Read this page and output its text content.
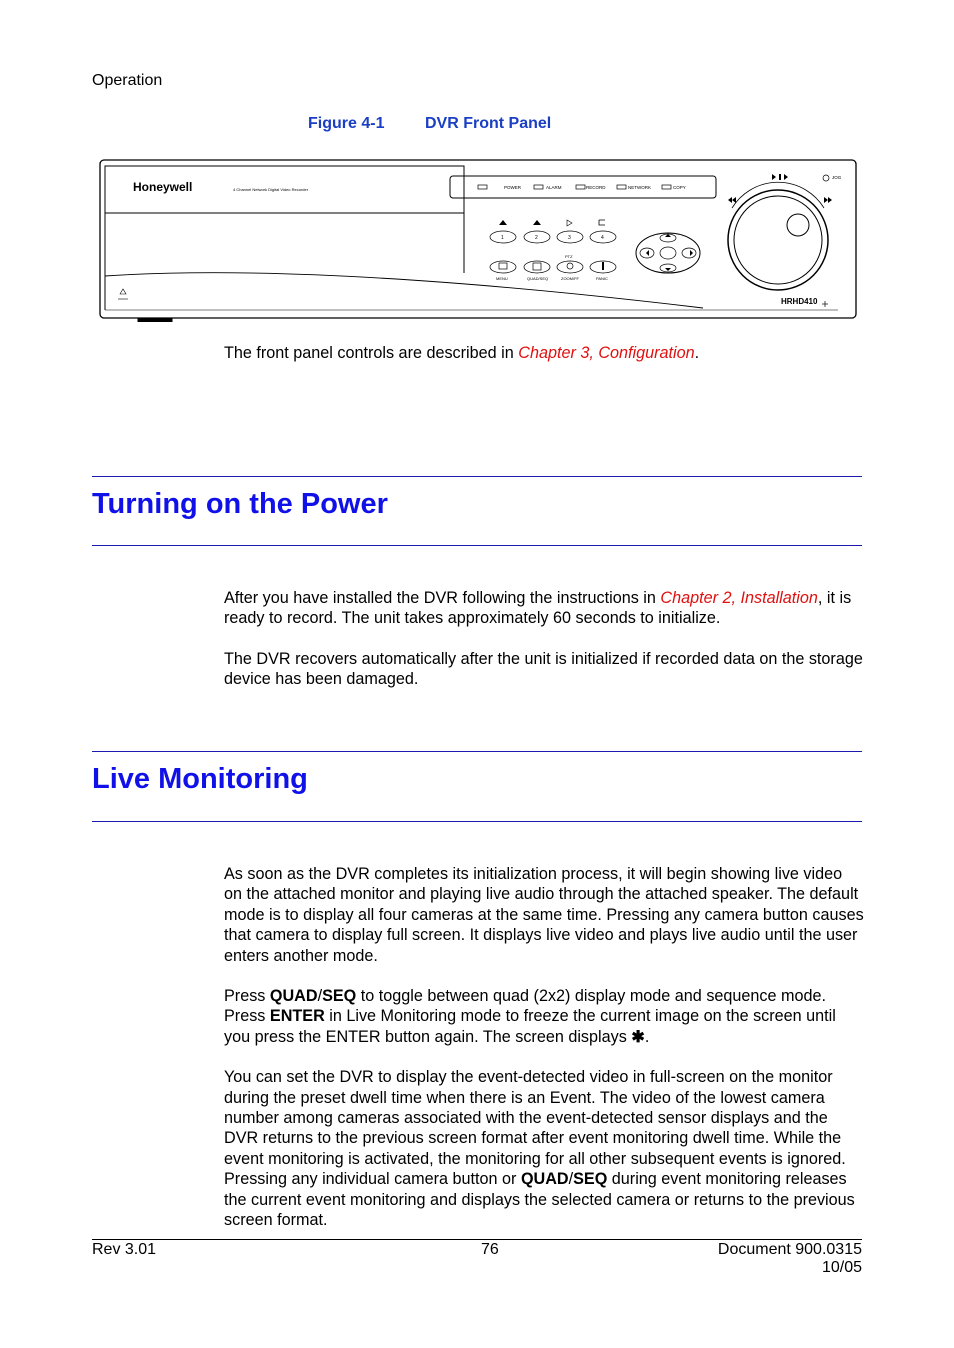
Operation
Figure 4-1	DVR Front Panel
Honeywell	4 Channel Network Digital Video Recorder	POWER	ALARM	RECORD	NETWORK	COPY
1	2	3	4
MENU	QUAD/SEQ	ZOOM/FF	PANIC
PTZ
JOG
HRHD410
The front panel controls are described in Chapter 3, Configuration.
Turning on the Power

After you have installed the DVR following the instructions in Chapter 2, Installation, it is ready to record. The unit takes approximately 60 seconds to initialize.

The DVR recovers automatically after the unit is initialized if recorded data on the storage device has been damaged.

Live Monitoring

As soon as the DVR completes its initialization process, it will begin showing live video on the attached monitor and playing live audio through the attached speaker. The default mode is to display all four cameras at the same time. Pressing any camera button causes that camera to display full screen. It displays live video and plays live audio until the user enters another mode.

Press QUAD/SEQ to toggle between quad (2x2) display mode and sequence mode. Press ENTER in Live Monitoring mode to freeze the current image on the screen until you press the ENTER button again. The screen displays ✱.

You can set the DVR to display the event-detected video in full-screen on the monitor during the preset dwell time when there is an Event. The video of the lowest camera number among cameras associated with the event-detected sensor displays and the DVR returns to the previous screen format after event monitoring dwell time. While the event monitoring is activated, the monitoring for all other subsequent events is ignored. Pressing any individual camera button or QUAD/SEQ during event monitoring releases the current event monitoring and displays the selected camera or returns to the previous screen format.

Rev 3.01	76	Document 900.0315
10/05
